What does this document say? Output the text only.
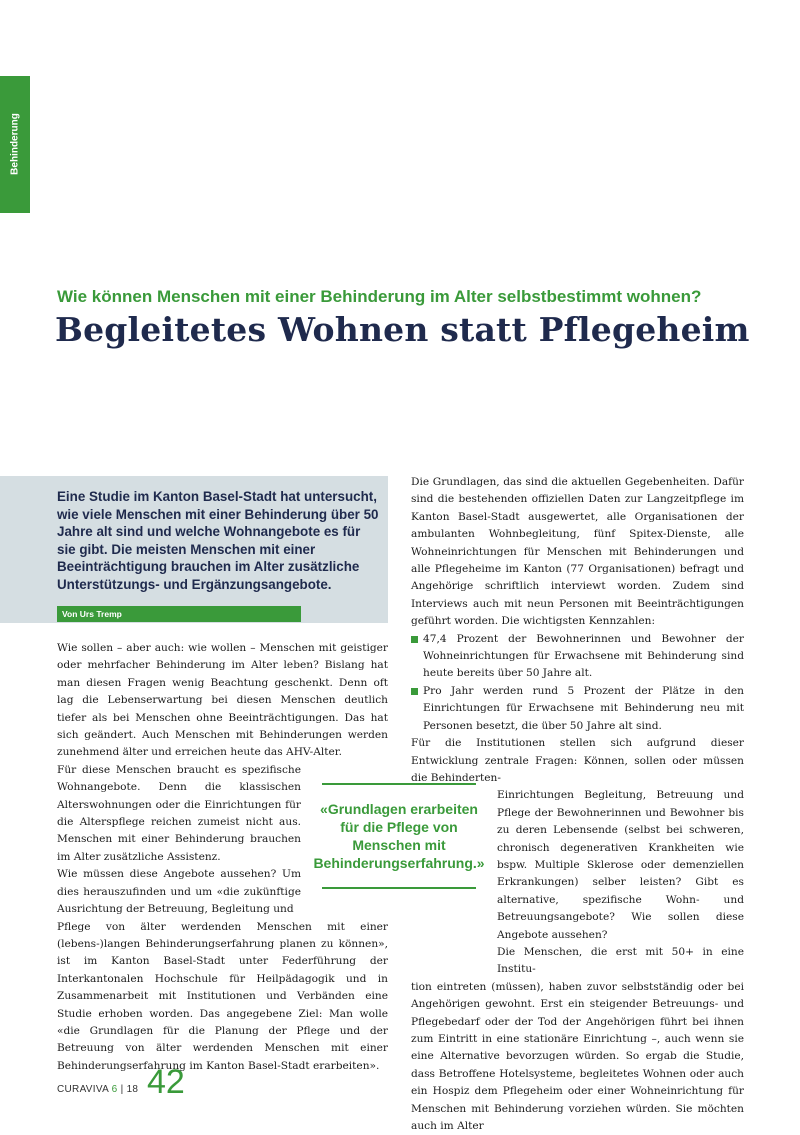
Behinderung
Wie können Menschen mit einer Behinderung im Alter selbstbestimmt wohnen?
Begleitetes Wohnen statt Pflegeheim
Eine Studie im Kanton Basel-Stadt hat untersucht, wie viele Menschen mit einer Behinderung über 50 Jahre alt sind und welche Wohnangebote es für sie gibt. Die meisten Menschen mit einer Beeinträchtigung brauchen im Alter zusätzliche Unterstützungs- und Ergänzungsangebote.
Von Urs Tremp

Wie sollen – aber auch: wie wollen – Menschen mit geistiger oder mehrfacher Behinderung im Alter leben? Bislang hat man diesen Fragen wenig Beachtung geschenkt. Denn oft lag die Lebenserwartung bei diesen Menschen deutlich tiefer als bei Menschen ohne Beeinträchtigungen. Das hat sich geändert. Auch Menschen mit Behinderungen werden zunehmend älter und erreichen heute das AHV-Alter.

Für diese Menschen braucht es spezifische Wohnangebote. Denn die klassischen Alterswohnungen oder die Einrichtungen für die Alterspflege reichen zumeist nicht aus. Menschen mit einer Behinderung brauchen im Alter zusätzliche Assistenz.

Wie müssen diese Angebote aussehen? Um dies herauszufinden und um «die zukünftige Ausrichtung der Betreuung, Begleitung und

Pflege von älter werdenden Menschen mit einer (lebens-)langen Behinderungserfahrung planen zu können», ist im Kanton Basel-Stadt unter Federführung der Interkantonalen Hochschule für Heilpädagogik und in Zusammenarbeit mit Institutionen und Verbänden eine Studie erhoben worden. Das angegebene Ziel: Man wolle «die Grundlagen für die Planung der Pflege und der Betreuung von älter werdenden Menschen mit einer Behinderungserfahrung im Kanton Basel-Stadt erarbeiten».

«Grundlagen erarbeiten für die Pflege von Menschen mit Behinderungserfahrung.»

Die Grundlagen, das sind die aktuellen Gegebenheiten. Dafür sind die bestehenden offiziellen Daten zur Langzeitpflege im Kanton Basel-Stadt ausgewertet, alle Organisationen der ambulanten Wohnbegleitung, fünf Spitex-Dienste, alle Wohneinrichtungen für Menschen mit Behinderungen und alle Pflegeheime im Kanton (77 Organisationen) befragt und Angehörige schriftlich interviewt worden. Zudem sind Interviews auch mit neun Personen mit Beeinträchtigungen geführt worden. Die wichtigsten Kennzahlen:

47,4 Prozent der Bewohnerinnen und Bewohner der Wohneinrichtungen für Erwachsene mit Behinderung sind heute bereits über 50 Jahre alt.
Pro Jahr werden rund 5 Prozent der Plätze in den Einrichtungen für Erwachsene mit Behinderung neu mit Personen besetzt, die über 50 Jahre alt sind.

Für die Institutionen stellen sich aufgrund dieser Entwicklung zentrale Fragen: Können, sollen oder müssen die Behinderten-

Einrichtungen Begleitung, Betreuung und Pflege der Bewohnerinnen und Bewohner bis zu deren Lebensende (selbst bei schweren, chronisch degenerativen Krankheiten wie bspw. Multiple Sklerose oder demenziellen Erkrankungen) selber leisten? Gibt es alternative, spezifische Wohn- und Betreuungsangebote? Wie sollen diese Angebote aussehen?

Die Menschen, die erst mit 50+ in eine Institu-

tion eintreten (müssen), haben zuvor selbstständig oder bei Angehörigen gewohnt. Erst ein steigender Betreuungs- und Pflegebedarf oder der Tod der Angehörigen führt bei ihnen zum Eintritt in eine stationäre Einrichtung –, auch wenn sie eine Alternative bevorzugen würden. So ergab die Studie, dass Betroffene Hotelsysteme, begleitetes Wohnen oder auch ein Hospiz dem Pflegeheim oder einer Wohneinrichtung für Menschen mit Behinderung vorziehen würden. Sie möchten auch im Alter

CURAVIVA 6 | 18 42
